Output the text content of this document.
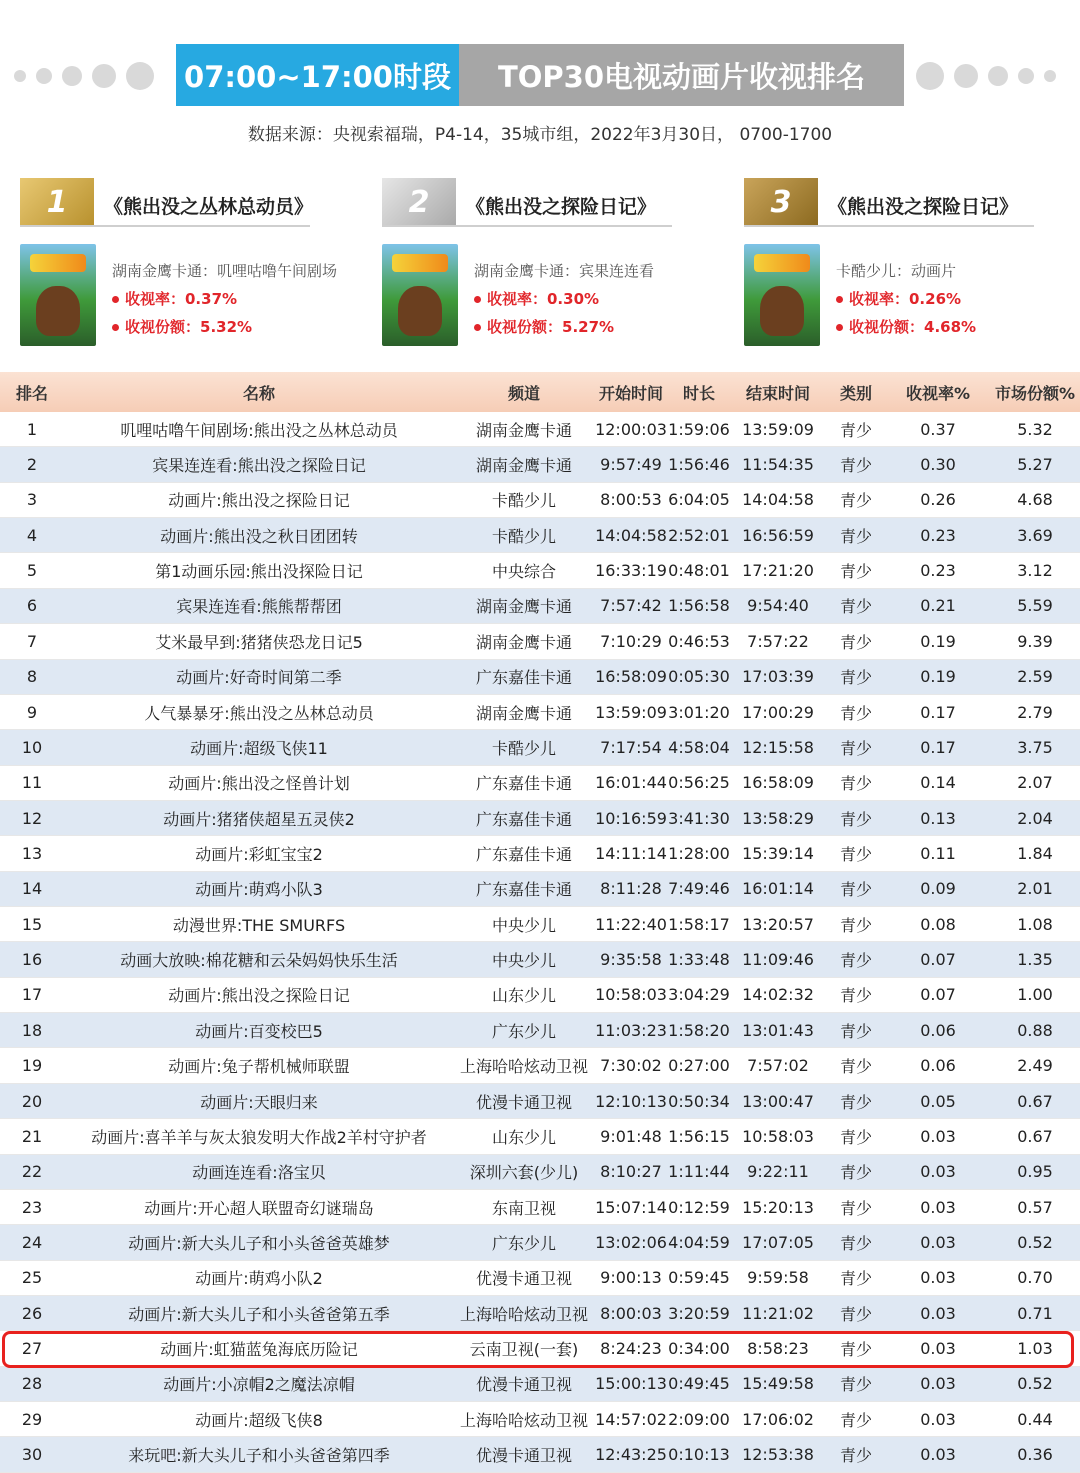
07:00~17:00时段	TOP30电视动画片收视排名
数据来源：央视索福瑞，P4-14，35城市组，2022年3月30日， 0700-1700
1	《熊出没之丛林总动员》
湖南金鹰卡通：叽哩咕噜午间剧场
收视率：0.37%
收视份额：5.32%
2	《熊出没之探险日记》
湖南金鹰卡通：宾果连连看
收视率：0.30%
收视份额：5.27%
3	《熊出没之探险日记》
卡酷少儿：动画片
收视率：0.26%
收视份额：4.68%
排名	名称	频道	开始时间	时长	结束时间	类别	收视率%	市场份额%
1	叽哩咕噜午间剧场:熊出没之丛林总动员	湖南金鹰卡通	12:00:03 1:59:06 13:59:09	青少	0.37	5.32
2	宾果连连看:熊出没之探险日记	湖南金鹰卡通	9:57:49 1:56:46 11:54:35	青少	0.30	5.27
3	动画片:熊出没之探险日记	卡酷少儿	8:00:53 6:04:05 14:04:58	青少	0.26	4.68
4	动画片:熊出没之秋日团团转	卡酷少儿	14:04:58 2:52:01 16:56:59	青少	0.23	3.69
5	第1动画乐园:熊出没探险日记	中央综合	16:33:19 0:48:01 17:21:20	青少	0.23	3.12
6	宾果连连看:熊熊帮帮团	湖南金鹰卡通	7:57:42 1:56:58	9:54:40	青少	0.21	5.59
7	艾米最早到:猪猪侠恐龙日记5	湖南金鹰卡通	7:10:29 0:46:53	7:57:22	青少	0.19	9.39
8	动画片:好奇时间第二季	广东嘉佳卡通	16:58:09 0:05:30 17:03:39	青少	0.19	2.59
9	人气暴暴牙:熊出没之丛林总动员	湖南金鹰卡通	13:59:09 3:01:20 17:00:29	青少	0.17	2.79
10	动画片:超级飞侠11	卡酷少儿	7:17:54 4:58:04 12:15:58	青少	0.17	3.75
11	动画片:熊出没之怪兽计划	广东嘉佳卡通	16:01:44 0:56:25 16:58:09	青少	0.14	2.07
12	动画片:猪猪侠超星五灵侠2	广东嘉佳卡通	10:16:59 3:41:30 13:58:29	青少	0.13	2.04
13	动画片:彩虹宝宝2	广东嘉佳卡通	14:11:14 1:28:00 15:39:14	青少	0.11	1.84
14	动画片:萌鸡小队3	广东嘉佳卡通	8:11:28 7:49:46 16:01:14	青少	0.09	2.01
15	动漫世界:THE SMURFS	中央少儿	11:22:40 1:58:17 13:20:57	青少	0.08	1.08
16	动画大放映:棉花糖和云朵妈妈快乐生活	中央少儿	9:35:58 1:33:48 11:09:46	青少	0.07	1.35
17	动画片:熊出没之探险日记	山东少儿	10:58:03 3:04:29 14:02:32	青少	0.07	1.00
18	动画片:百变校巴5	广东少儿	11:03:23 1:58:20 13:01:43	青少	0.06	0.88
19	动画片:兔子帮机械师联盟	上海哈哈炫动卫视 7:30:02 0:27:00	7:57:02	青少	0.06	2.49
20	动画片:天眼归来	优漫卡通卫视	12:10:13 0:50:34 13:00:47	青少	0.05	0.67
21	动画片:喜羊羊与灰太狼发明大作战2羊村守护者	山东少儿	9:01:48 1:56:15 10:58:03	青少	0.03	0.67
22	动画连连看:洛宝贝	深圳六套(少儿)	8:10:27 1:11:44	9:22:11	青少	0.03	0.95
23	动画片:开心超人联盟奇幻谜瑞岛	东南卫视	15:07:14 0:12:59 15:20:13	青少	0.03	0.57
24	动画片:新大头儿子和小头爸爸英雄梦	广东少儿	13:02:06 4:04:59 17:07:05	青少	0.03	0.52
25	动画片:萌鸡小队2	优漫卡通卫视	9:00:13 0:59:45	9:59:58	青少	0.03	0.70
26	动画片:新大头儿子和小头爸爸第五季	上海哈哈炫动卫视 8:00:03 3:20:59 11:21:02	青少	0.03	0.71
27	动画片:虹猫蓝兔海底历险记	云南卫视(一套)	8:24:23 0:34:00	8:58:23	青少	0.03	1.03
28	动画片:小凉帽2之魔法凉帽	优漫卡通卫视	15:00:13 0:49:45 15:49:58	青少	0.03	0.52
29	动画片:超级飞侠8	上海哈哈炫动卫视 14:57:02 2:09:00 17:06:02	青少	0.03	0.44
30	来玩吧:新大头儿子和小头爸爸第四季	优漫卡通卫视	12:43:25 0:10:13 12:53:38	青少	0.03	0.36
